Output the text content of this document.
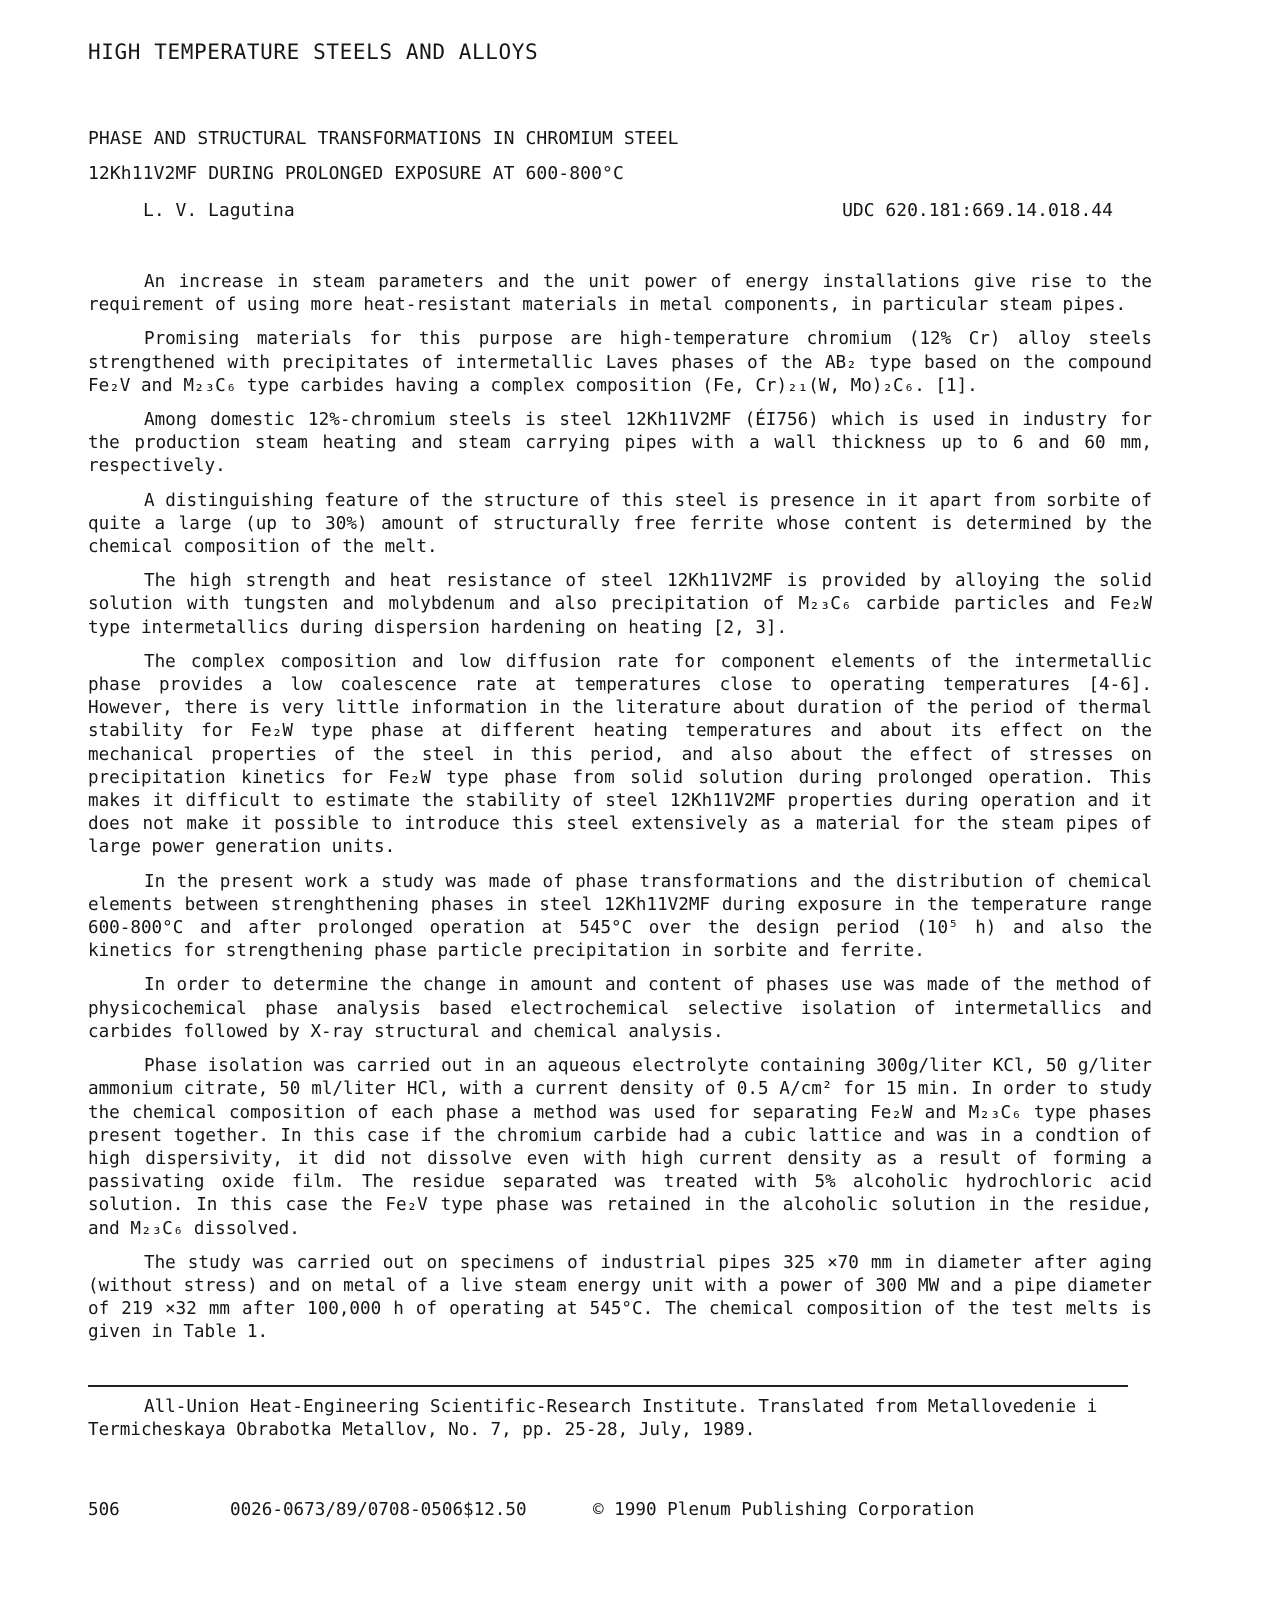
HIGH TEMPERATURE STEELS AND ALLOYS
PHASE AND STRUCTURAL TRANSFORMATIONS IN CHROMIUM STEEL
12Kh11V2MF DURING PROLONGED EXPOSURE AT 600-800°C
L. V. Lagutina	UDC 620.181:669.14.018.44

An increase in steam parameters and the unit power of energy installations give rise to the requirement of using more heat-resistant materials in metal components, in particular steam pipes.

Promising materials for this purpose are high-temperature chromium (12% Cr) alloy steels strengthened with precipitates of intermetallic Laves phases of the AB₂ type based on the compound Fe₂V and M₂₃C₆ type carbides having a complex composition (Fe, Cr)₂₁(W, Mo)₂C₆. [1].

Among domestic 12%-chromium steels is steel 12Kh11V2MF (ÉI756) which is used in industry for the production steam heating and steam carrying pipes with a wall thickness up to 6 and 60 mm, respectively.

A distinguishing feature of the structure of this steel is presence in it apart from sorbite of quite a large (up to 30%) amount of structurally free ferrite whose content is determined by the chemical composition of the melt.

The high strength and heat resistance of steel 12Kh11V2MF is provided by alloying the solid solution with tungsten and molybdenum and also precipitation of M₂₃C₆ carbide particles and Fe₂W type intermetallics during dispersion hardening on heating [2, 3].

The complex composition and low diffusion rate for component elements of the intermetallic phase provides a low coalescence rate at temperatures close to operating temperatures [4-6]. However, there is very little information in the literature about duration of the period of thermal stability for Fe₂W type phase at different heating temperatures and about its effect on the mechanical properties of the steel in this period, and also about the effect of stresses on precipitation kinetics for Fe₂W type phase from solid solution during prolonged operation. This makes it difficult to estimate the stability of steel 12Kh11V2MF properties during operation and it does not make it possible to introduce this steel extensively as a material for the steam pipes of large power generation units.

In the present work a study was made of phase transformations and the distribution of chemical elements between strenghthening phases in steel 12Kh11V2MF during exposure in the temperature range 600-800°C and after prolonged operation at 545°C over the design period (10⁵ h) and also the kinetics for strengthening phase particle precipitation in sorbite and ferrite.

In order to determine the change in amount and content of phases use was made of the method of physicochemical phase analysis based electrochemical selective isolation of intermetallics and carbides followed by X-ray structural and chemical analysis.

Phase isolation was carried out in an aqueous electrolyte containing 300g/liter KCl, 50 g/liter ammonium citrate, 50 ml/liter HCl, with a current density of 0.5 A/cm² for 15 min. In order to study the chemical composition of each phase a method was used for separating Fe₂W and M₂₃C₆ type phases present together. In this case if the chromium carbide had a cubic lattice and was in a condtion of high dispersivity, it did not dissolve even with high current density as a result of forming a passivating oxide film. The residue separated was treated with 5% alcoholic hydrochloric acid solution. In this case the Fe₂V type phase was retained in the alcoholic solution in the residue, and M₂₃C₆ dissolved.

The study was carried out on specimens of industrial pipes 325 ×70 mm in diameter after aging (without stress) and on metal of a live steam energy unit with a power of 300 MW and a pipe diameter of 219 ×32 mm after 100,000 h of operating at 545°C. The chemical composition of the test melts is given in Table 1.

All-Union Heat-Engineering Scientific-Research Institute. Translated from Metallovedenie i Termicheskaya Obrabotka Metallov, No. 7, pp. 25-28, July, 1989.

506	0026-0673/89/0708-0506$12.50	© 1990 Plenum Publishing Corporation
